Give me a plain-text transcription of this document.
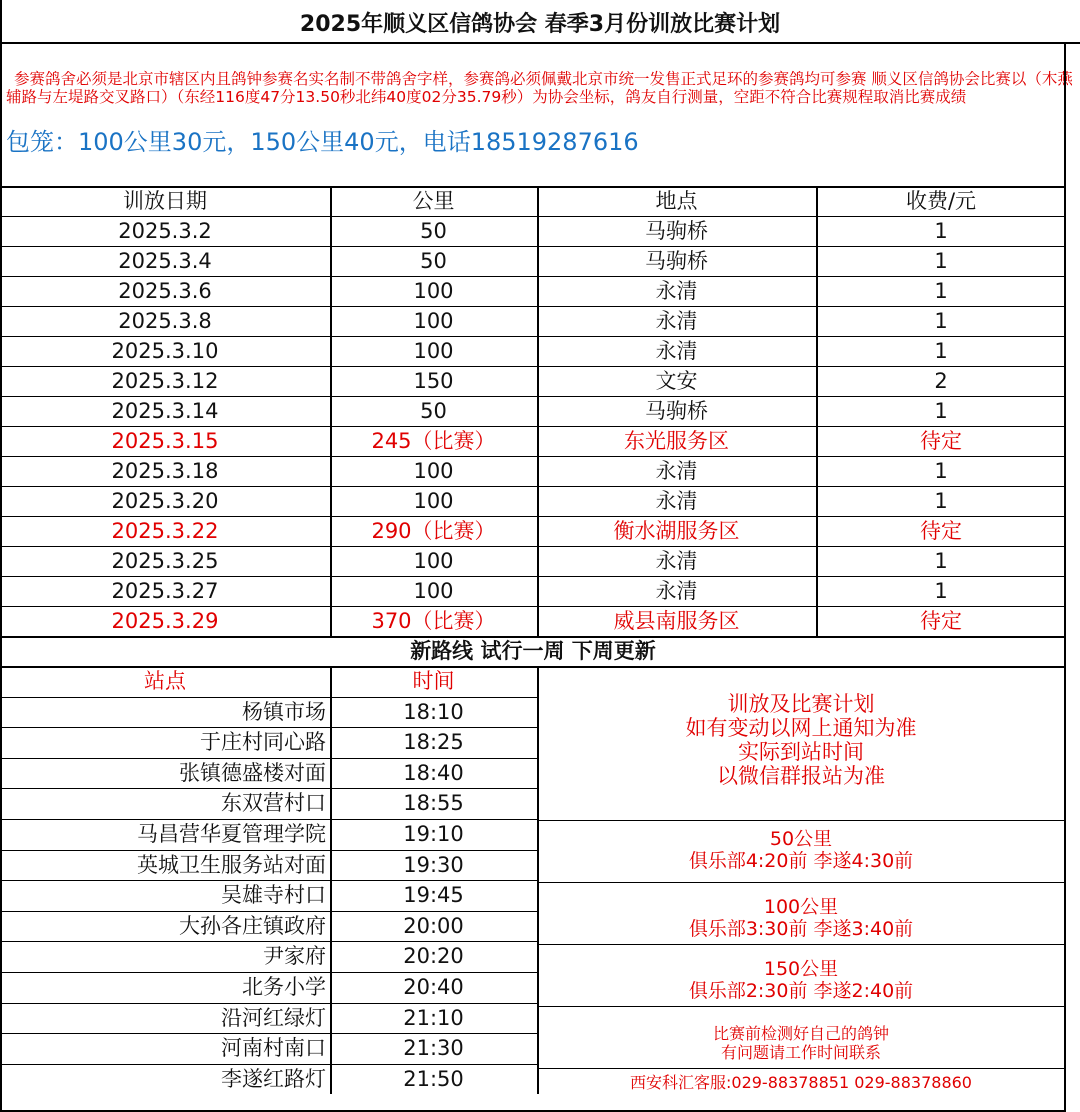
2025年顺义区信鸽协会 春季3月份训放比赛计划
参赛鸽舍必须是北京市辖区内且鸽钟参赛名实名制不带鸽舍字样，参赛鸽必须佩戴北京市统一发售正式足环的参赛鸽均可参赛 顺义区信鸽协会比赛以（木燕辅路与左堤路交叉路口）（东经116度47分13.50秒北纬40度02分35.79秒）为协会坐标，鸽友自行测量，空距不符合比赛规程取消比赛成绩
包笼：100公里30元，150公里40元，电话18519287616
训放日期	公里	地点	收费/元
2025.3.2	50	马驹桥	1
2025.3.4	50	马驹桥	1
2025.3.6	100	永清	1
2025.3.8	100	永清	1
2025.3.10	100	永清	1
2025.3.12	150	文安	2
2025.3.14	50	马驹桥	1
2025.3.15	245（比赛）	东光服务区	待定
2025.3.18	100	永清	1
2025.3.20	100	永清	1
2025.3.22	290（比赛）	衡水湖服务区	待定
2025.3.25	100	永清	1
2025.3.27	100	永清	1
2025.3.29	370（比赛）	威县南服务区	待定
新路线 试行一周 下周更新
站点	时间
杨镇市场	18:10
于庄村同心路	18:25
张镇德盛楼对面	18:40
东双营村口	18:55
马昌营华夏管理学院	19:10
英城卫生服务站对面	19:30
吴雄寺村口	19:45
大孙各庄镇政府	20:00
尹家府	20:20
北务小学	20:40
沿河红绿灯	21:10
河南村南口	21:30
李遂红路灯	21:50
训放及比赛计划
如有变动以网上通知为准
实际到站时间
以微信群报站为准
50公里
俱乐部4:20前 李遂4:30前
100公里
俱乐部3:30前 李遂3:40前
150公里
俱乐部2:30前 李遂2:40前
比赛前检测好自己的鸽钟
有问题请工作时间联系
西安科汇客服:029-88378851 029-88378860
